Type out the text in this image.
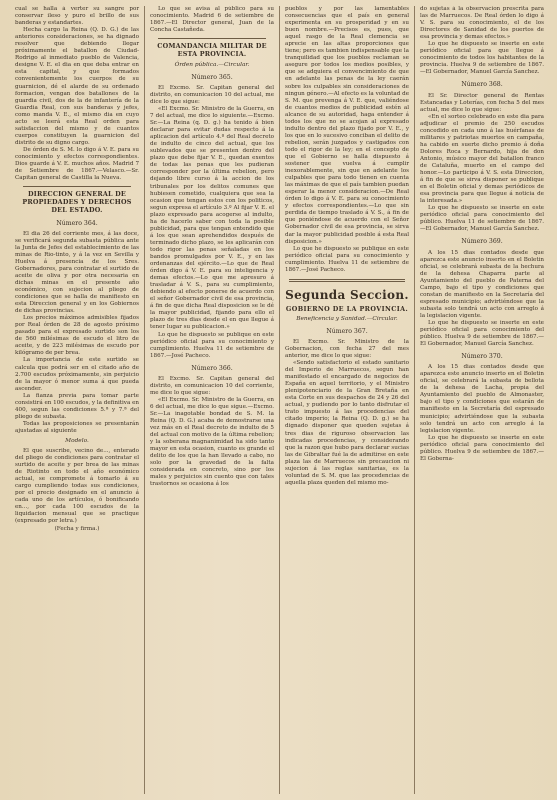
cual se halla á verter su sangre por conservar ileso y puro el brillo de sus banderas y estandartes.

Hecha cargo la Reina (Q. D. G.) de las anteriores consideraciones, se ha dignado resolver que debiendo llegar próximamente el batallon de Ciudad-Rodrigo al inmediato pueblo de Valencia, designe V. E. el dia en que deba entrar en esta capital, y que formados convenientemente los cuerpos de su guarnicion, dé el alarde de su ordenado formacion, vengan dos batallones de la guardia civil, dos de la de infantería de la Guardia Real, con sus banderas y jefes, como manda V. E., el mismo dia en cuyo acto se leerá esta Real orden para satisfaccion del mismo y de cuantos cuerpos constituyen la guarnicion del distrito de su digno cargo.

De órden de S. M. lo digo á V. E. para su conocimiento y efectos correspondientes. Dios guarde á V. E. muchos años. Madrid 7 de Setiembre de 1867.—Velasco.—Sr. Capitan general de Castilla la Nueva.

DIRECCION GENERAL DE PROPIEDADES Y DERECHOS DEL ESTADO.
Número 364.

El dia 26 del corriente mes, á las doce, se verificará segunda subasta pública ante la Junta de Jefes del establecimiento de las minas de Rio-tinto, y á la vez en Sevilla y Huelva á presencia de los Sres. Gobernadores, para contratar el surtido de aceite de oliva y por otra necesaria en dichas minas en el presente año económico, con sujecion al pliego de condiciones que se halla de manifiesto en esta Direccion general y en los Gobiernos de dichas provincias.

Los precios máximos admisibles fijados por Real órden de 28 de agosto próximo pasado para el expresado surtido son los de 560 milésimas de escudo el litro de aceite, y de 223 milésimas de escudo por kilógramo de per brea.

La importancia de este surtido se calcula que podrá ser en el citado año de 2.700 escudos próximamente, sin perjuicio de la mayor ó menor suma á que pueda ascender.

La fianza previa para tomar parte consistirá en 100 escudos, y la definitiva en 400, segun las condiciones 5.ª y 7.ª del pliego de subasta.

Todas las proposiciones se presentarán ajustadas al siguiente

Modelo.

El que suscribe, vecino de..., enterado del pliego de condiciones para contratar el surtido de aceite y per brea de las minas de Riotinto en todo el año económico actual, se compromete á tomarlo á su cargo cumpliendo todas sus condiciones, por el precio designado en el anuncio á cada uno de los artículos, ó bonificando en..., por cada 100 escudos de la liquidacion mensual que se practique (expresado por letra.)

(Fecha y firma.)

Lo que se avisa al público para su conocimiento. Madrid 6 de setiembre de 1867.—El Director general, Juan de la Concha Castañeda.

COMANDANCIA MILITAR DE ESTA PROVINCIA.
Órden pública.—Circular.
Número 365.

El Excmo. Sr. Capitan general del distrito, en comunicacion 10 del actual, me dice lo que sigue:

«El Excmo. Sr. Ministro de la Guerra, en 7 del actual, me dice lo siguiente.—Excmo. Sr.—La Reina (q. D. g.) ha tenido á bien declarar para evitar dudas respecto á la aplicacion del artículo 4.º del Real decreto de indulto de cinco del actual, que los sublevados que se presenten dentro del plazo que debe fijar V. E., quedan exentos de todas las penas que les pudieran corresponder por la última rebelion, pero dejando libre curso á la accion de los tribunales por los delitos comunes que hubiesen cometido, cualquiera que sea la ocasion que tengan estos con los politicos, segun expresa el artículo 3.º Al fijar V. E. el plazo expresado para acogerse al indulto, ha de hacerlo saber con toda la posible publicidad, para que tengan entendido que á los que sean aprehendidos después de terminado dicho plazo, se les aplicarán con todo rigor las penas señaladas en los bandos promulgados por V. E., y en las ordenanzas del ejército.—Lo que de Real órden digo á V. E. para su inteligencia y demas efectos.—Lo que me apresuro á trasladar á V. S., para su cumplimiento, debiendo al efecto ponerse de acuerdo con el señor Gobernador civil de esa provincia, á fin de que dicha Real disposicion se le dé la mayor publicidad, fijando para ello el plazo de tres dias desde el en que llegue á tener lugar su publicacion.»

Lo que he dispuesto se publique en este periódico oficial para su conocimiento y cumplimiento. Huelva 11 de setiembre de 1867.—José Pacheco.

Número 366.

El Excmo. Sr. Capitan general del distrito, en comunicacion 10 del corriente, me dice lo que sigue:

«El Excmo. Sr. Ministro de la Guerra, en 6 del actual, me dice lo que sigue.—Excmo. Sr.—La inagotable bondad de S. M. la Reina (Q. D. G.) acaba de demostrarse una vez más en el Real decreto de indulto de 5 del actual con motivo de la última rebelion; y la soberana magnanimidad ha sido tanto mayor en esta ocasion, cuanto es grande el delito de los que la han llevado a cabo, no solo por la gravedad de la falta considerada en concreto, sino por los males y perjuicios sin cuento que con tales trastornos se ocasiona á los

pueblos y por las lamentables consecuencias que el país en general experimenta en su prosperidad y en su buen nombre.—Precisos es, pues, que aquel rasgo de la Real clemencia se aprecie en las altas proporciones que tiene; pero es tambien indispensable que la tranquilidad que los pueblos reclaman se asegure por todos los medios posibles, y que se adquiera el convencimiento de que en adelante las penas de la ley caerán sobre los culpables sin consideraciones de ningun género.—Al efecto es la voluntad de S. M. que prevenga á V. E. que, valiéndose de cuantos medios de publicidad estén al alcance de su autoridad, haga entender á todos los que no se acojan al expresado indulto dentro del plazo fijado por V. E., y los que en lo sucesivo conciban el delito de rebelion, serán juzgados y castigados con todo el rigor de la ley; en el concepto de que el Gobierno se halla dispuesto á sostener que vuelva á cumplir inexorablemente, sin que en adelante los culpables que para todo tienen en cuenta las máximas de que el país tambien puedan esperar la menor consideracion.—De Real órden lo digo á V. E. para su conocimiento y efectos correspondientes.—Lo que sin perdida de tiempo traslado á V. S., á fin de que poniéndose de acuerdo con el Señor Gobernador civil de esa provincia, se sirva dar la mayor publicidad posible á esta Real disposicion.»

Lo que he dispuesto se publique en este periódico oficial para su conocimiento y cumplimiento. Huelva 11 de setiembre de 1867.—José Pacheco.

Segunda Seccion.
GOBIERNO DE LA PROVINCIA.
Beneficencia y Sanidad.—Circular.
Número 367.

El Excmo. Sr. Ministro de la Gobernacion, con fecha 27 del mes anterior, me dice lo que sigue:

«Sendo satisfactorio el estado sanitario del Imperio de Marruecos, segun han manifestado el encargado de negocios de España en aquel territorio, y el Ministro plenipotenciario de la Gran Bretaña en esta Corte en sus despachos de 24 y 26 del actual, y pudiendo por lo tanto disfrutar el trato impuesto á las procedencias del citado imperio; la Reina (Q. D. g.) se ha dignado disponer que queden sujetas á tres dias de riguroso observacion las indicadas procedencias, y considerando que la razon que hubo para declarar sucias las de Gibraltar fué la de admitirse en este plaza las de Marruecos sin precaucion ni sujecion á las reglas sanitarias, es la voluntad de S. M. que las procedencias de aquella plaza queden del mismo mo-

do sujetas á la observacion prescrita para las de Marruecos. De Real órden lo digo á V. S. para su conocimiento, el de los Directores de Sanidad de los puertos de esa provincia y demas efectos.»

Lo que he dispuesto se inserte en este periódico oficial para que llegue á conocimiento de todos los habitantes de la provincia. Huelva 9 de setiembre de 1867.—El Gobernador, Manuel García Sanchez.

Número 368.

El Sr. Director general de Rentas Estancadas y Loterías, con fecha 5 del mes actual, me dice lo que sigue:

«En el sorteo celebrado en este dia para adjudicar el premio de 250 escudos concedido en cada uno á las huérfanas de militares y patriotas muertos en campaña, ha cabido en suerte dicho premio á doña Dolores Roca y Bernardo, hija de don Antonio, músico mayor del batallon franco de Cataluña, muerto en el campo del honor.—Lo participo á V. S. esta Direccion, á fin de que se sirva disponer se publique en el Boletin oficial y demas periódicos de esa provincia para que llegue á noticia de la interesada.»

Lo que he dispuesto se inserte en este periódico oficial para conocimiento del público. Huelva 11 de setiembre de 1867.—El Gobernador, Manuel García Sanchez.

Número 369.

A los 15 dias contados desde que aparezca este anuncio inserto en el Boletin oficial, se celebrará subasta de la hechura de la dehesa Chaparra parte al Ayuntamiento del pueblo de Paterna del Campo, bajo el tipo y condiciones que constan de manifiesto en la Secretaría del espresado municipio; advirtiéndose que la subasta solo tendrá un acto con arreglo á la legislacion vigente.

Lo que he dispuesto se inserte en este periódico oficial para conocimiento del público. Huelva 9 de setiembre de 1867.—El Gobernador, Manuel García Sanchez.

Número 370.

A los 15 dias contados desde que aparezca este anuncio inserto en el Boletin oficial, se celebrará la subasta de bellota de la dehesa de Lacha, propia del Ayuntamiento del pueblo de Almonaster, bajo el tipo y condiciones que estarán de manifiesto en la Secretaría del espresado municipio; advirtiéndose que la subasta solo tendrá un acto con arreglo á la legislacion vigente.

Lo que he dispuesto se inserte en este periódico oficial para conocimiento del público. Huelva 9 de setiembre de 1867.—El Goberna-
